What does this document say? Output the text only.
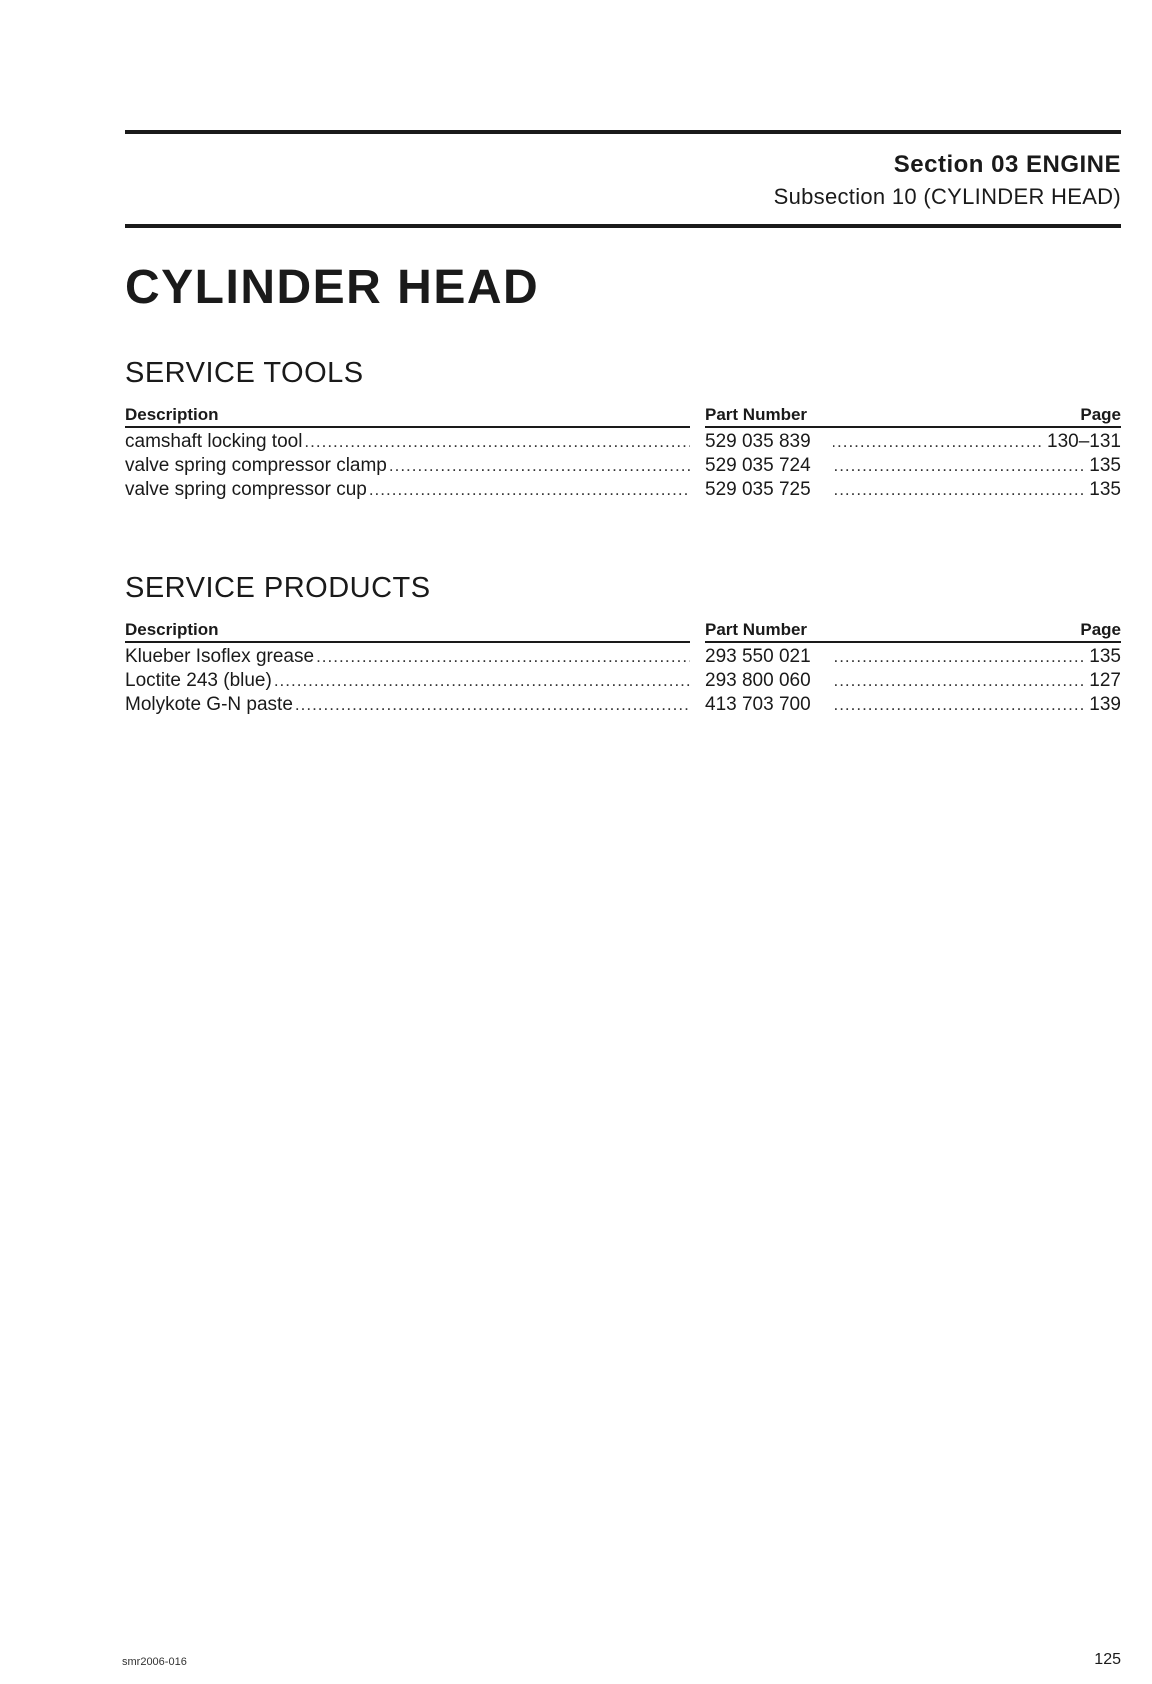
Section 03 ENGINE
Subsection 10 (CYLINDER HEAD)
CYLINDER HEAD
SERVICE TOOLS
Description	Part Number	Page
camshaft locking tool .....	529 035 839 .....	130–131
valve spring compressor clamp .....	529 035 724 .....	135
valve spring compressor cup .....	529 035 725 .....	135
SERVICE PRODUCTS
Description	Part Number	Page
Klueber Isoflex grease .....	293 550 021 .....	135
Loctite 243 (blue) .....	293 800 060 .....	127
Molykote G-N paste .....	413 703 700 .....	139
smr2006-016	125
